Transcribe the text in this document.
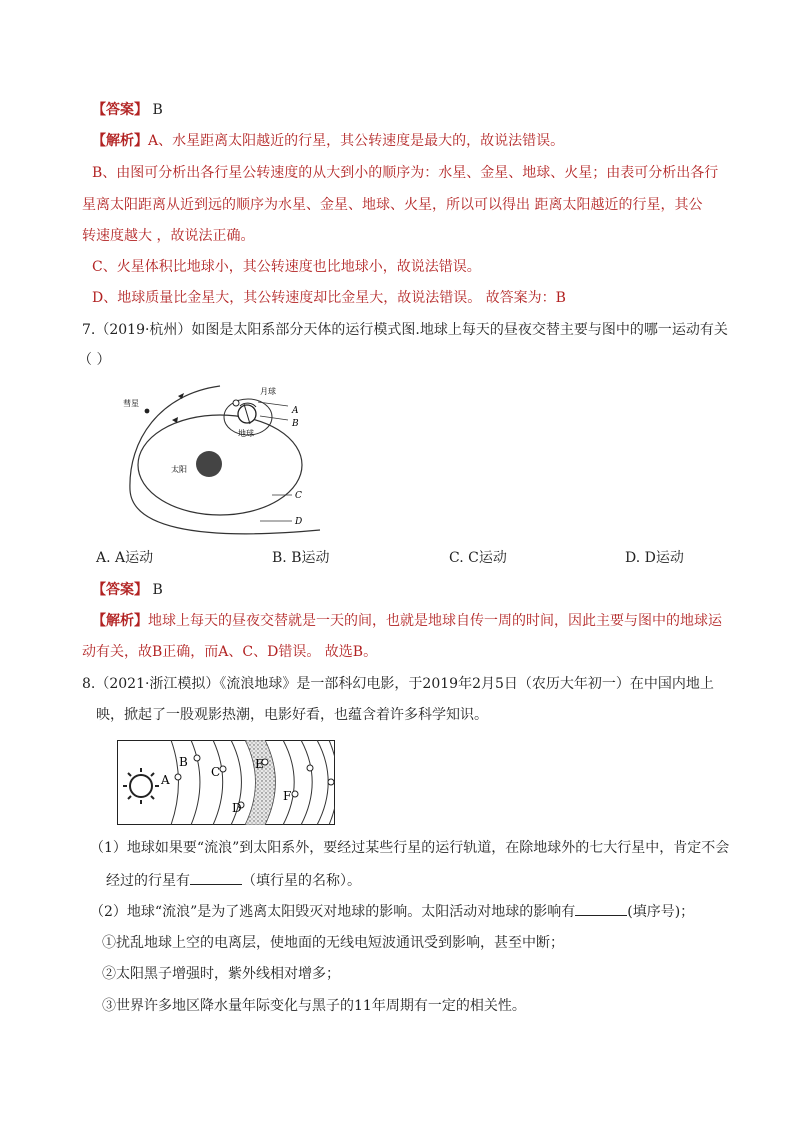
【答案】 B
【解析】A、水星距离太阳越近的行星，其公转速度是最大的，故说法错误。
B、由图可分析出各行星公转速度的从大到小的顺序为：水星、金星、地球、火星；由表可分析出各行
星离太阳距离从近到远的顺序为水星、金星、地球、火星，所以可以得出 距离太阳越近的行星，其公
转速度越大 ，故说法正确。
C、火星体积比地球小，其公转速度也比地球小，故说法错误。
D、地球质量比金星大，其公转速度却比金星大，故说法错误。 故答案为：B
7.（2019·杭州）如图是太阳系部分天体的运行模式图.地球上每天的昼夜交替主要与图中的哪一运动有关
（ ）
彗星
太阳
月球
地球
A
B
C
D
A. A运动	B. B运动	C. C运动	D. D运动
【答案】 B
【解析】地球上每天的昼夜交替就是一天的间，也就是地球自传一周的时间，因此主要与图中的地球运
动有关，故B正确，而A、C、D错误。 故选B。
8.（2021·浙江模拟）《流浪地球》是一部科幻电影，于2019年2月5日（农历大年初一）在中国内地上
映，掀起了一股观影热潮，电影好看，也蕴含着许多科学知识。
A
B
C
D
E
F
（1）地球如果要“流浪”到太阳系外，要经过某些行星的运行轨道，在除地球外的七大行星中，肯定不会
经过的行星有	（填行星的名称）。
（2）地球“流浪”是为了逃离太阳毁灭对地球的影响。太阳活动对地球的影响有	(填序号)；
①扰乱地球上空的电离层，使地面的无线电短波通讯受到影响，甚至中断；
②太阳黑子增强时，紫外线相对增多；
③世界许多地区降水量年际变化与黑子的11年周期有一定的相关性。
